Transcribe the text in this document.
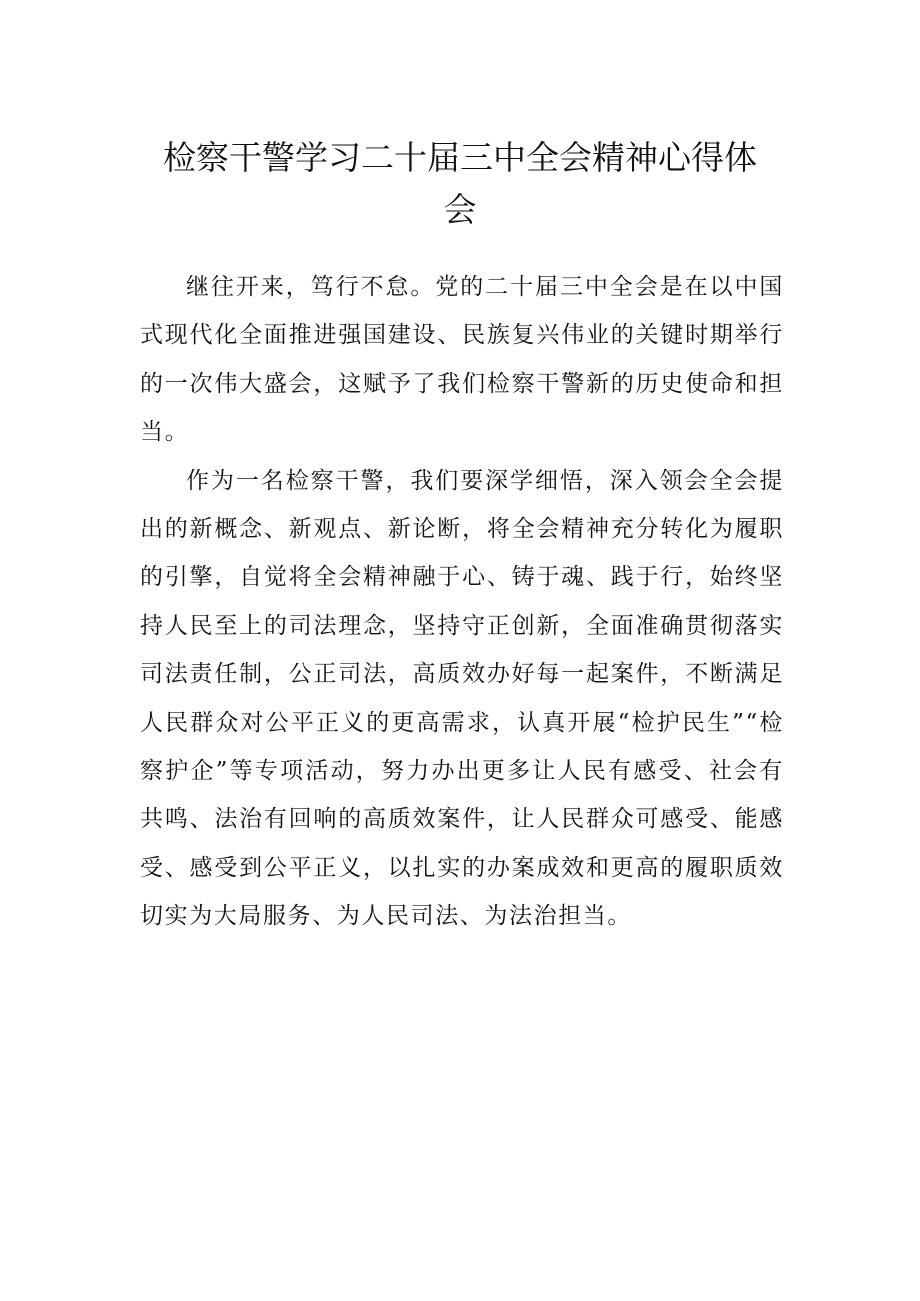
检察干警学习二十届三中全会精神心得体会

继往开来，笃行不怠。党的二十届三中全会是在以中国式现代化全面推进强国建设、民族复兴伟业的关键时期举行的一次伟大盛会，这赋予了我们检察干警新的历史使命和担当。

作为一名检察干警，我们要深学细悟，深入领会全会提出的新概念、新观点、新论断，将全会精神充分转化为履职的引擎，自觉将全会精神融于心、铸于魂、践于行，始终坚持人民至上的司法理念，坚持守正创新，全面准确贯彻落实司法责任制，公正司法，高质效办好每一起案件，不断满足人民群众对公平正义的更高需求，认真开展“检护民生”“检察护企”等专项活动，努力办出更多让人民有感受、社会有共鸣、法治有回响的高质效案件，让人民群众可感受、能感受、感受到公平正义，以扎实的办案成效和更高的履职质效切实为大局服务、为人民司法、为法治担当。
